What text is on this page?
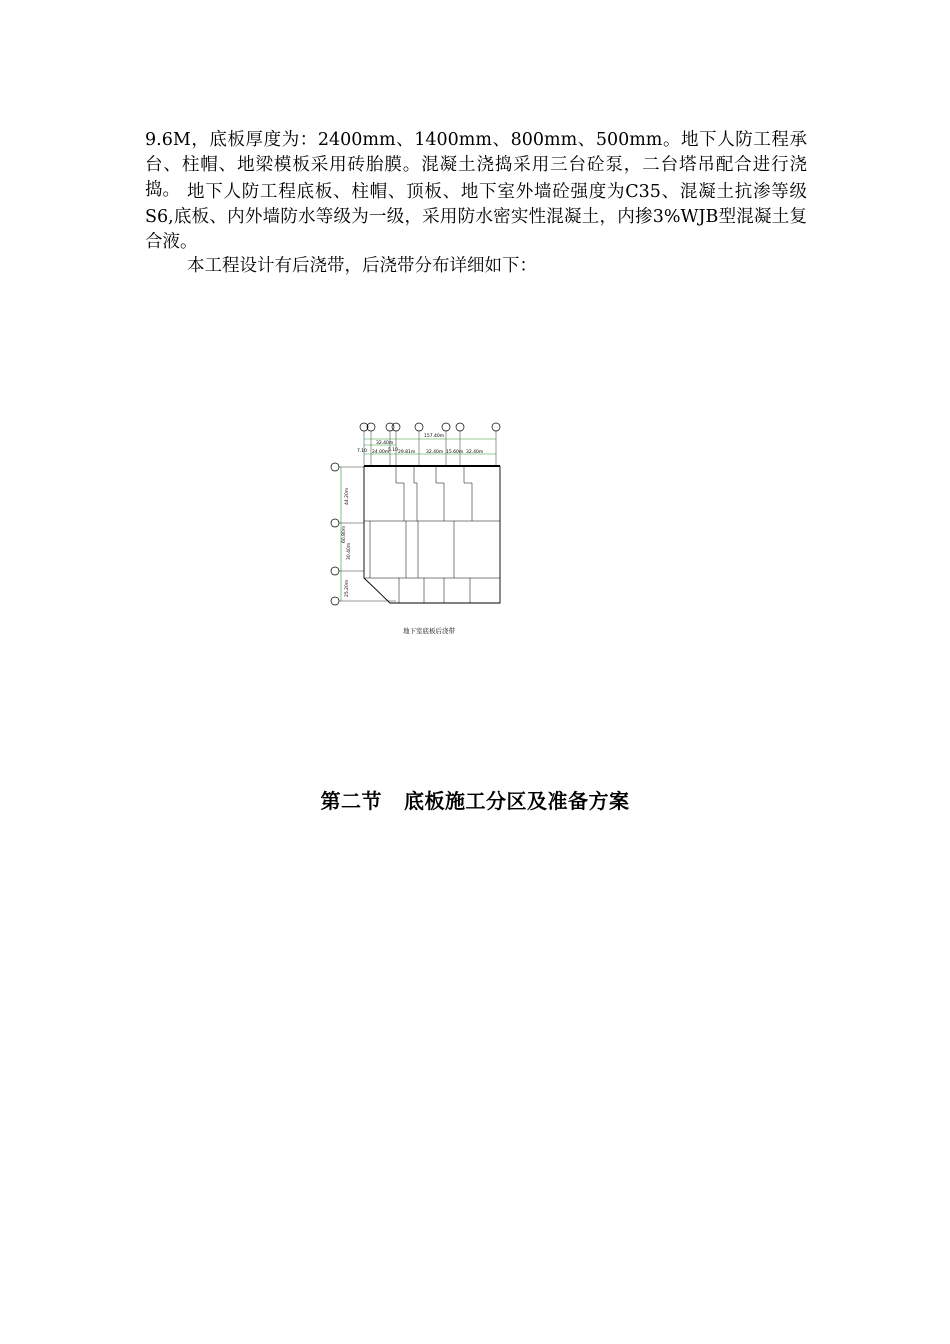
9.6M，底板厚度为：2400mm、1400mm、800mm、500mm。地下人防工程承台、柱帽、地梁模板采用砖胎膜。混凝土浇捣采用三台砼泵，二台塔吊配合进行浇捣。 地下人防工程底板、柱帽、顶板、地下室外墙砼强度为C35、混凝土抗渗等级S6,底板、内外墙防水等级为一级，采用防水密实性混凝土，内掺3%WJB型混凝土复合液。

本工程设计有后浇带，后浇带分布详细如下：

157.40m
32.40m
7.10 24.00m
5.10 29.81m 32.40m 15.60m 32.40m
44.20m
60.80m
30.40m
25.20m
地下室底板后浇带
第二节 底板施工分区及准备方案
